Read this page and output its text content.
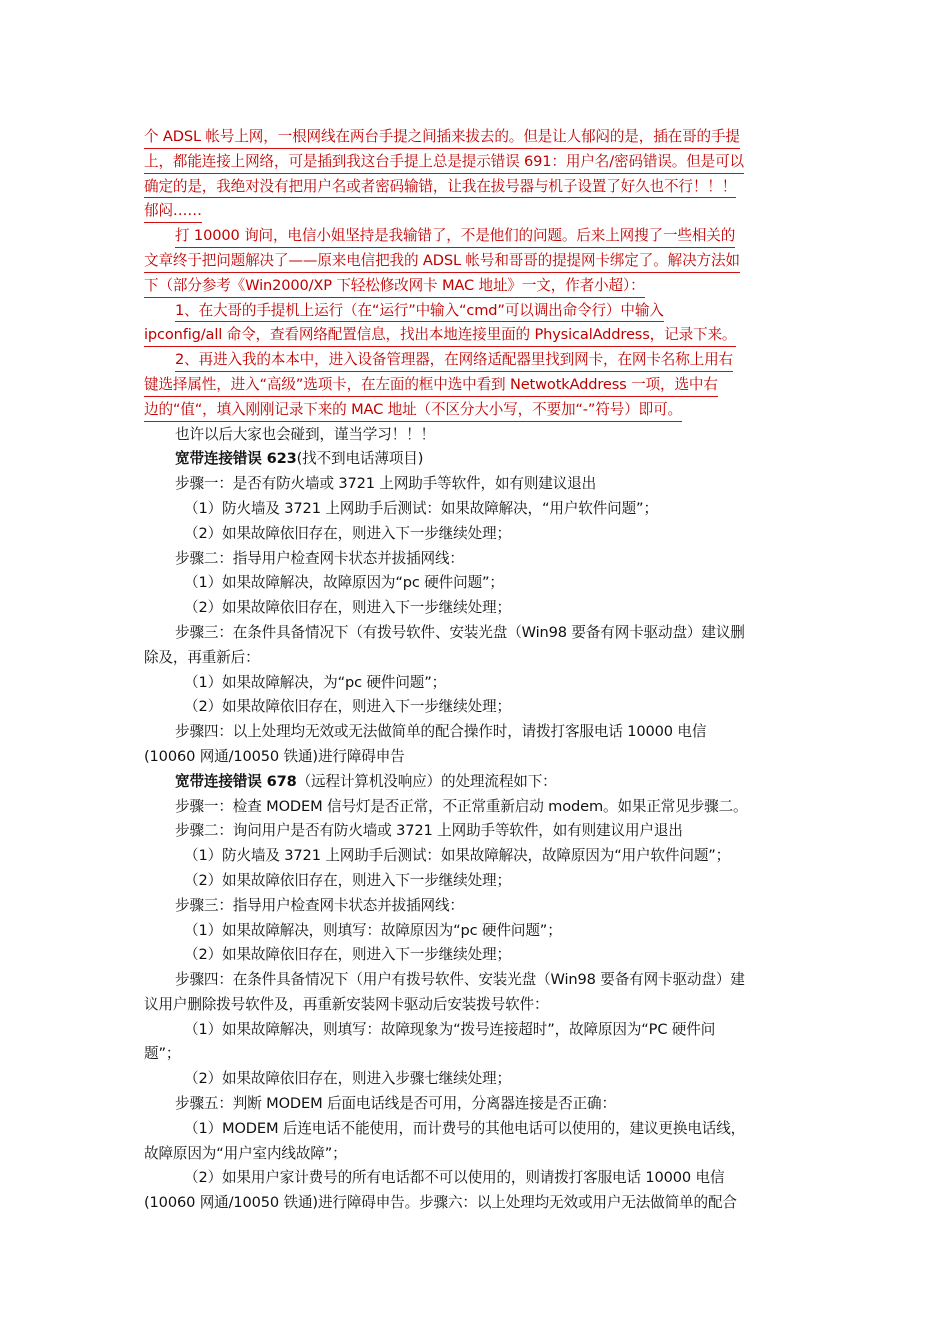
个 ADSL 帐号上网，一根网线在两台手提之间插来拔去的。但是让人郁闷的是，插在哥的手提
上，都能连接上网络，可是插到我这台手提上总是提示错误 691：用户名/密码错误。但是可以
确定的是，我绝对没有把用户名或者密码输错，让我在拔号器与机子设置了好久也不行！！！
郁闷……
打 10000 询问，电信小姐坚持是我输错了，不是他们的问题。后来上网搜了一些相关的
文章终于把问题解决了——原来电信把我的 ADSL 帐号和哥哥的提提网卡绑定了。解决方法如
下（部分参考《Win2000/XP 下轻松修改网卡 MAC 地址》一文，作者小超）：
1、在大哥的手提机上运行（在“运行”中输入“cmd”可以调出命令行）中输入
ipconfig/all 命令，查看网络配置信息，找出本地连接里面的 PhysicalAddress，记录下来。
2、再进入我的本本中，进入设备管理器，在网络适配器里找到网卡，在网卡名称上用右
键选择属性，进入“高级”选项卡，在左面的框中选中看到 NetwotkAddress 一项，选中右
边的“值“，填入刚刚记录下来的 MAC 地址（不区分大小写，不要加“-”符号）即可。
也许以后大家也会碰到，谨当学习！！！
宽带连接错误 623(找不到电话薄项目)
步骤一：是否有防火墙或 3721 上网助手等软件，如有则建议退出
（1）防火墙及 3721 上网助手后测试：如果故障解决，“用户软件问题”；
（2）如果故障依旧存在，则进入下一步继续处理；
步骤二：指导用户检查网卡状态并拔插网线：
（1）如果故障解决，故障原因为“pc 硬件问题”；
（2）如果故障依旧存在，则进入下一步继续处理；
步骤三：在条件具备情况下（有拨号软件、安装光盘（Win98 要备有网卡驱动盘）建议删
除及，再重新后：
（1）如果故障解决，为“pc 硬件问题”；
（2）如果故障依旧存在，则进入下一步继续处理；
步骤四：以上处理均无效或无法做简单的配合操作时，请拨打客服电话 10000 电信
(10060 网通/10050 铁通)进行障碍申告
宽带连接错误 678（远程计算机没响应）的处理流程如下：
步骤一：检查 MODEM 信号灯是否正常，不正常重新启动 modem。如果正常见步骤二。
步骤二：询问用户是否有防火墙或 3721 上网助手等软件，如有则建议用户退出
（1）防火墙及 3721 上网助手后测试：如果故障解决，故障原因为“用户软件问题”；
（2）如果故障依旧存在，则进入下一步继续处理；
步骤三：指导用户检查网卡状态并拔插网线：
（1）如果故障解决，则填写：故障原因为“pc 硬件问题”；
（2）如果故障依旧存在，则进入下一步继续处理；
步骤四：在条件具备情况下（用户有拨号软件、安装光盘（Win98 要备有网卡驱动盘）建
议用户删除拨号软件及，再重新安装网卡驱动后安装拨号软件：
（1）如果故障解决，则填写：故障现象为“拨号连接超时”，故障原因为“PC 硬件问
题”；
（2）如果故障依旧存在，则进入步骤七继续处理；
步骤五：判断 MODEM 后面电话线是否可用，分离器连接是否正确：
（1）MODEM 后连电话不能使用，而计费号的其他电话可以使用的，建议更换电话线，
故障原因为“用户室内线故障”；
（2）如果用户家计费号的所有电话都不可以使用的，则请拨打客服电话 10000 电信
(10060 网通/10050 铁通)进行障碍申告。步骤六：以上处理均无效或用户无法做简单的配合
